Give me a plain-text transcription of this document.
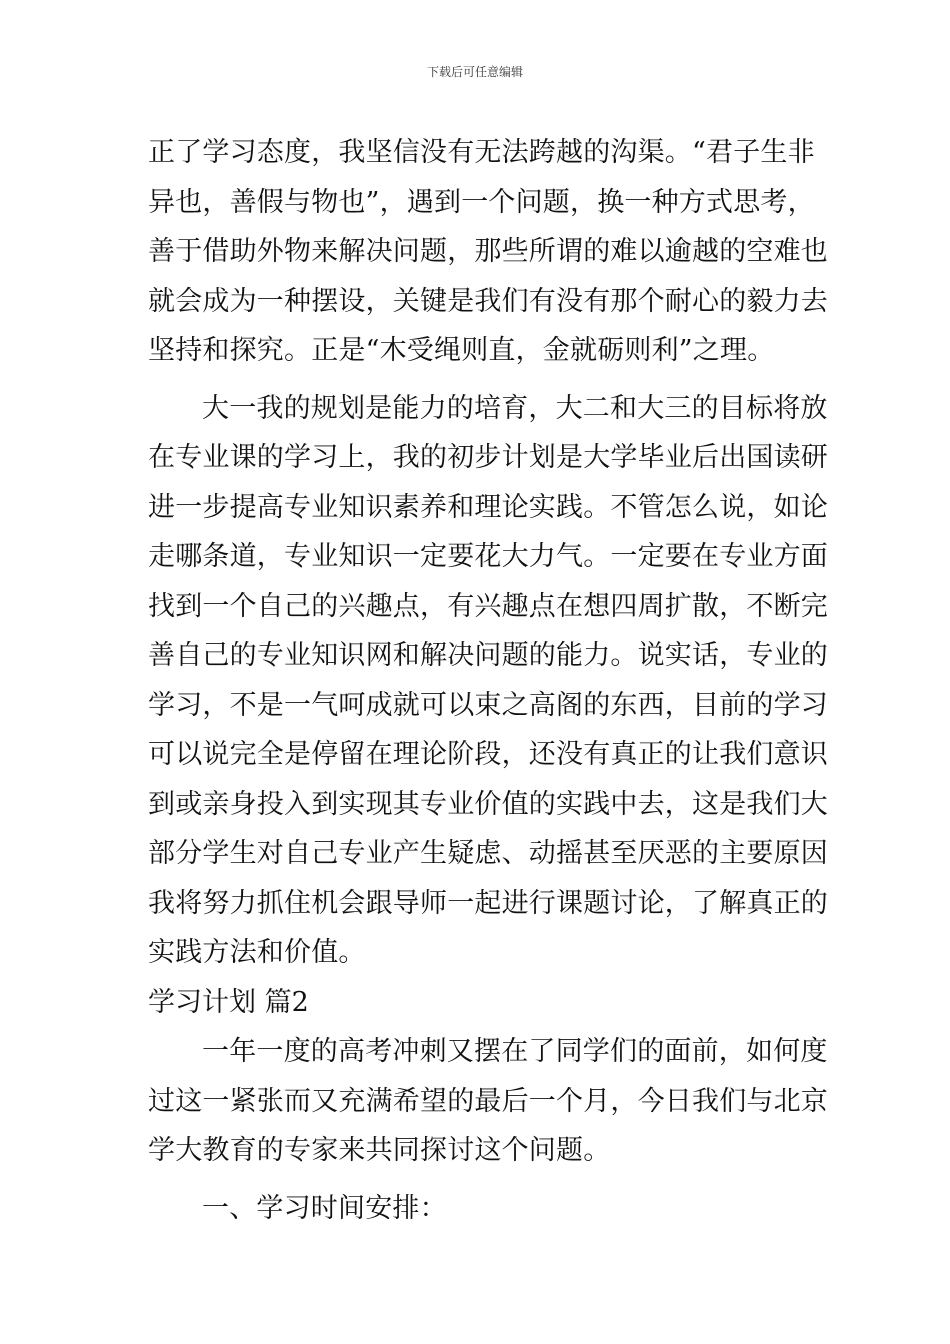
下载后可任意编辑
正了学习态度，我坚信没有无法跨越的沟渠。“君子生非
异也，善假与物也”，遇到一个问题，换一种方式思考，
善于借助外物来解决问题，那些所谓的难以逾越的空难也
就会成为一种摆设，关键是我们有没有那个耐心的毅力去
坚持和探究。正是“木受绳则直，金就砺则利”之理。
大一我的规划是能力的培育，大二和大三的目标将放
在专业课的学习上，我的初步计划是大学毕业后出国读研
进一步提高专业知识素养和理论实践。不管怎么说，如论
走哪条道，专业知识一定要花大力气。一定要在专业方面
找到一个自己的兴趣点，有兴趣点在想四周扩散，不断完
善自己的专业知识网和解决问题的能力。说实话，专业的
学习，不是一气呵成就可以束之高阁的东西，目前的学习
可以说完全是停留在理论阶段，还没有真正的让我们意识
到或亲身投入到实现其专业价值的实践中去，这是我们大
部分学生对自己专业产生疑虑、动摇甚至厌恶的主要原因
我将努力抓住机会跟导师一起进行课题讨论，了解真正的
实践方法和价值。
学习计划 篇2
一年一度的高考冲刺又摆在了同学们的面前，如何度
过这一紧张而又充满希望的最后一个月，今日我们与北京
学大教育的专家来共同探讨这个问题。
一、学习时间安排：
